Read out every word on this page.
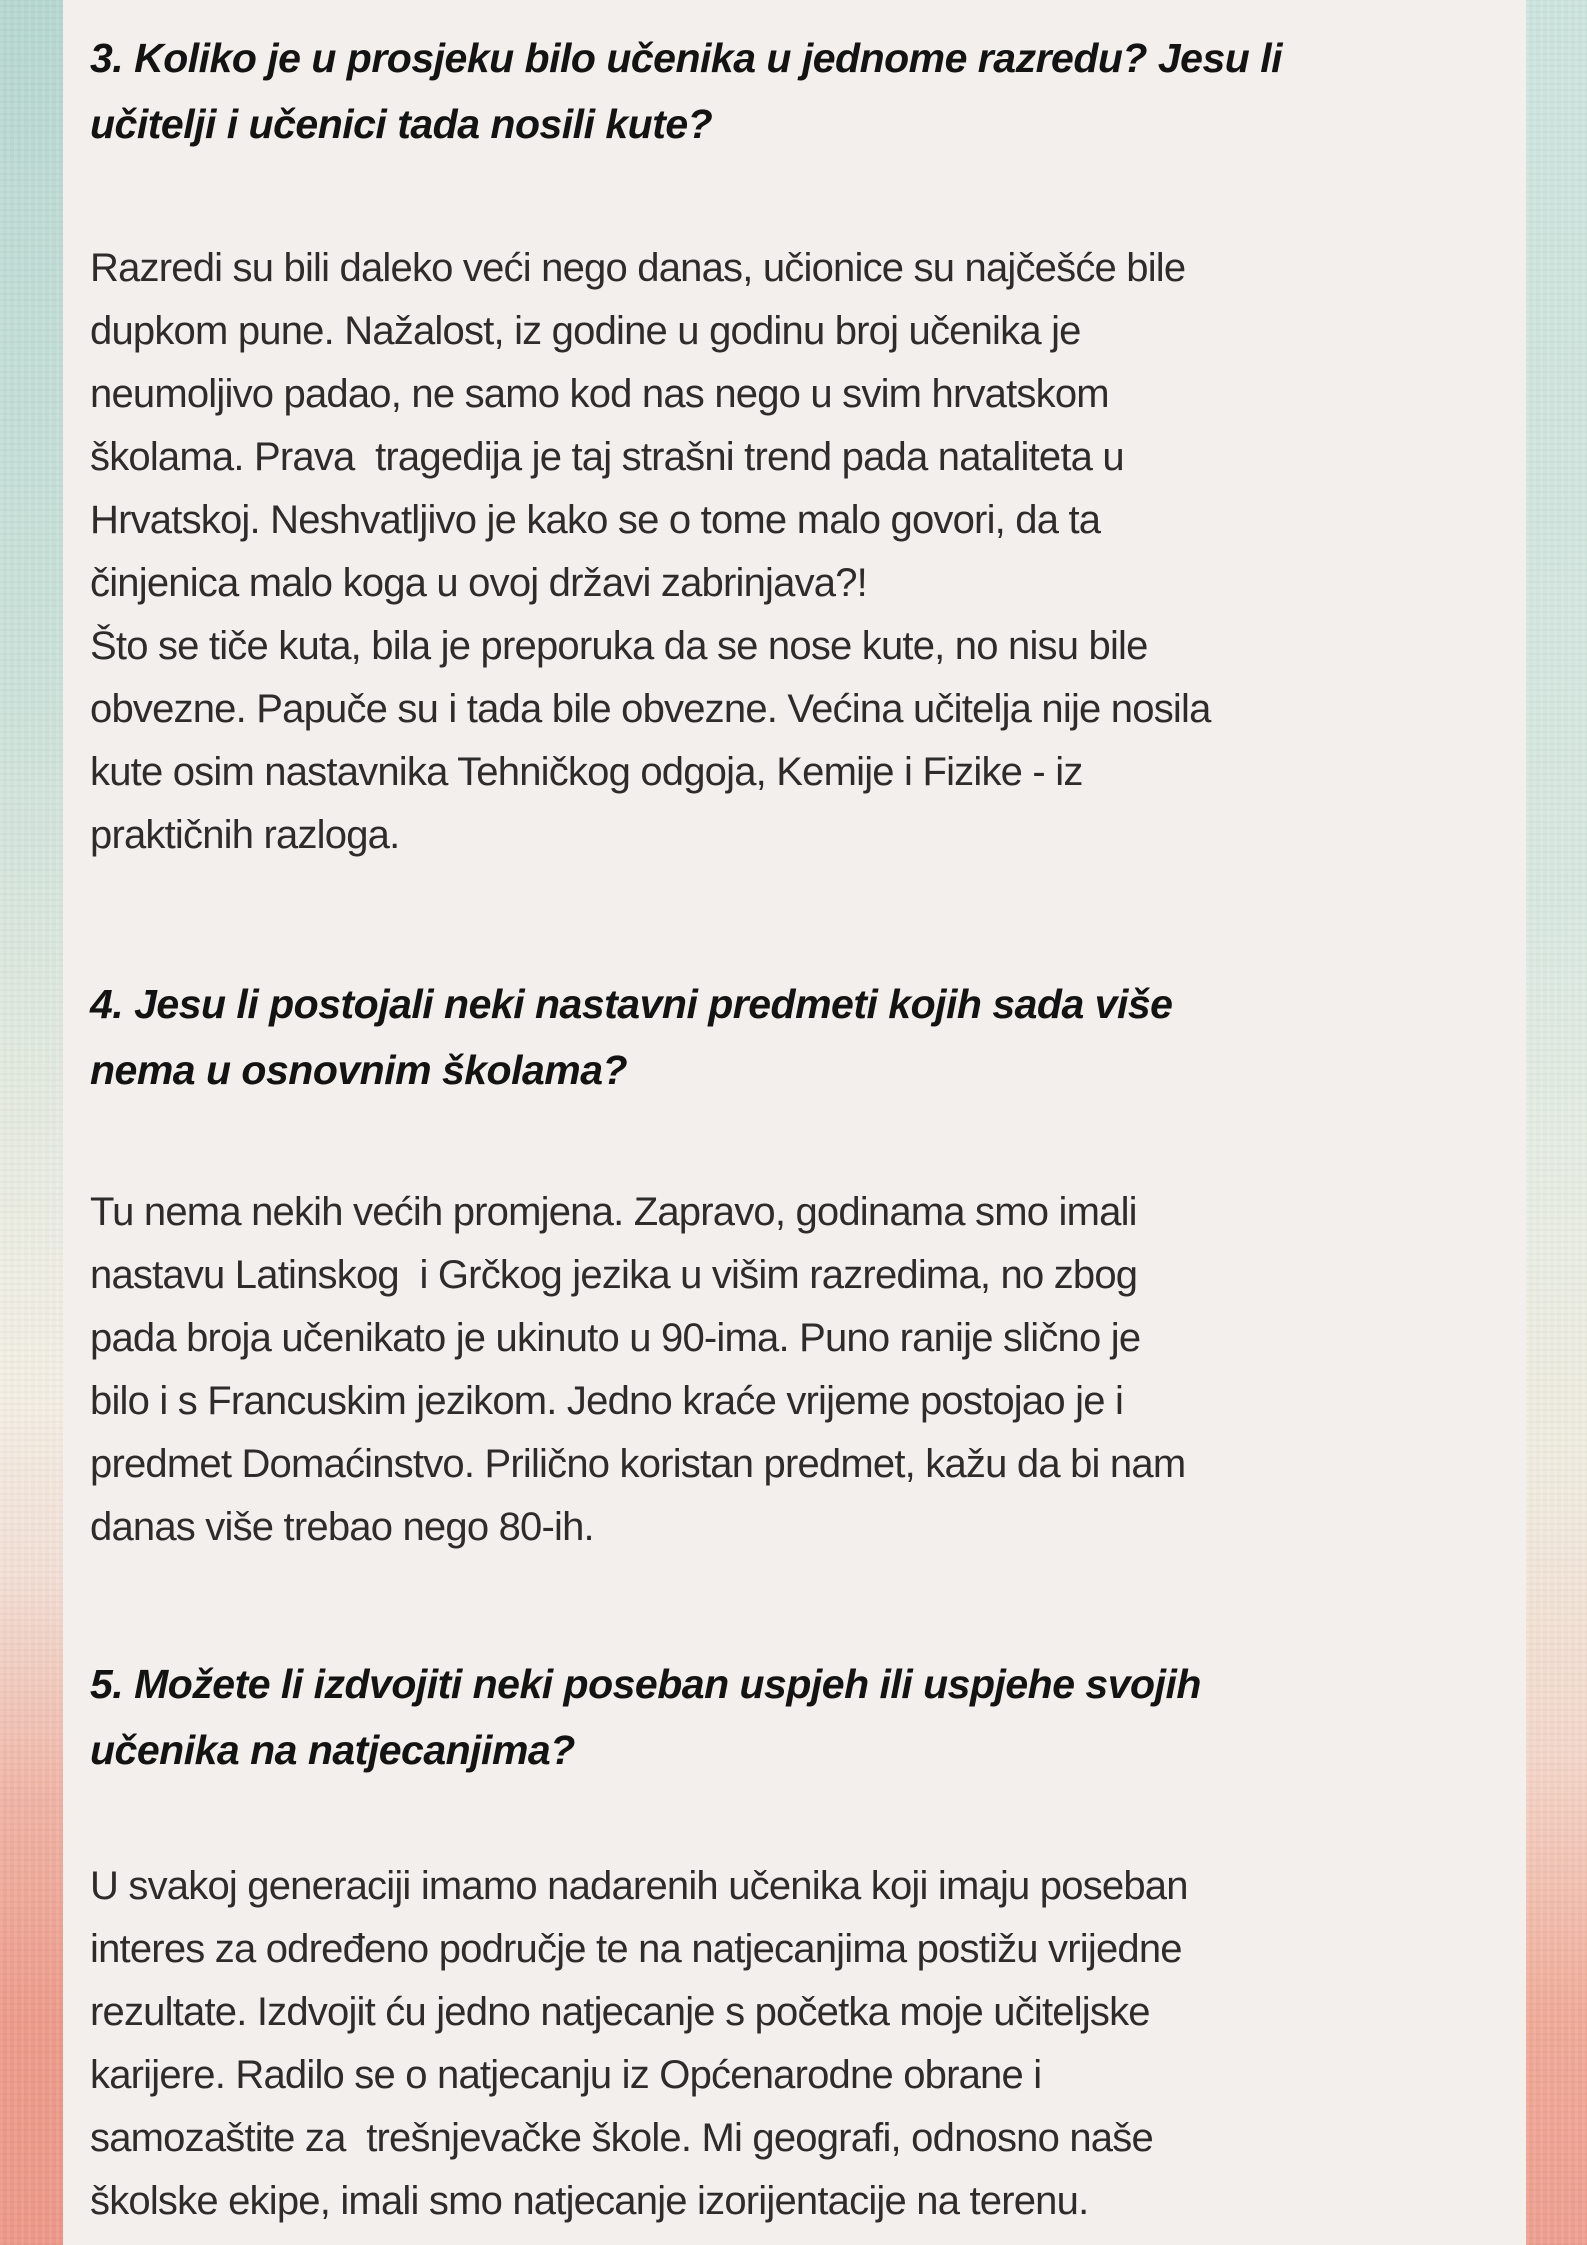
3. Koliko je u prosjeku bilo učenika u jednome razredu? Jesu li
učitelji i učenici tada nosili kute?
Razredi su bili daleko veći nego danas, učionice su najčešće bile
dupkom pune. Nažalost, iz godine u godinu broj učenika je
neumoljivo padao, ne samo kod nas nego u svim hrvatskom
školama. Prava  tragedija je taj strašni trend pada nataliteta u
Hrvatskoj. Neshvatljivo je kako se o tome malo govori, da ta
činjenica malo koga u ovoj državi zabrinjava?!
Što se tiče kuta, bila je preporuka da se nose kute, no nisu bile
obvezne. Papuče su i tada bile obvezne. Većina učitelja nije nosila
kute osim nastavnika Tehničkog odgoja, Kemije i Fizike - iz
praktičnih razloga.
4. Jesu li postojali neki nastavni predmeti kojih sada više
nema u osnovnim školama?
Tu nema nekih većih promjena. Zapravo, godinama smo imali
nastavu Latinskog  i Grčkog jezika u višim razredima, no zbog
pada broja učenikato je ukinuto u 90-ima. Puno ranije slično je
bilo i s Francuskim jezikom. Jedno kraće vrijeme postojao je i
predmet Domaćinstvo. Prilično koristan predmet, kažu da bi nam
danas više trebao nego 80-ih.
5. Možete li izdvojiti neki poseban uspjeh ili uspjehe svojih
učenika na natjecanjima?
U svakoj generaciji imamo nadarenih učenika koji imaju poseban
interes za određeno područje te na natjecanjima postižu vrijedne
rezultate. Izdvojit ću jedno natjecanje s početka moje učiteljske
karijere. Radilo se o natjecanju iz Općenarodne obrane i
samozaštite za  trešnjevačke škole. Mi geografi, odnosno naše
školske ekipe, imali smo natjecanje izorijentacije na terenu.
